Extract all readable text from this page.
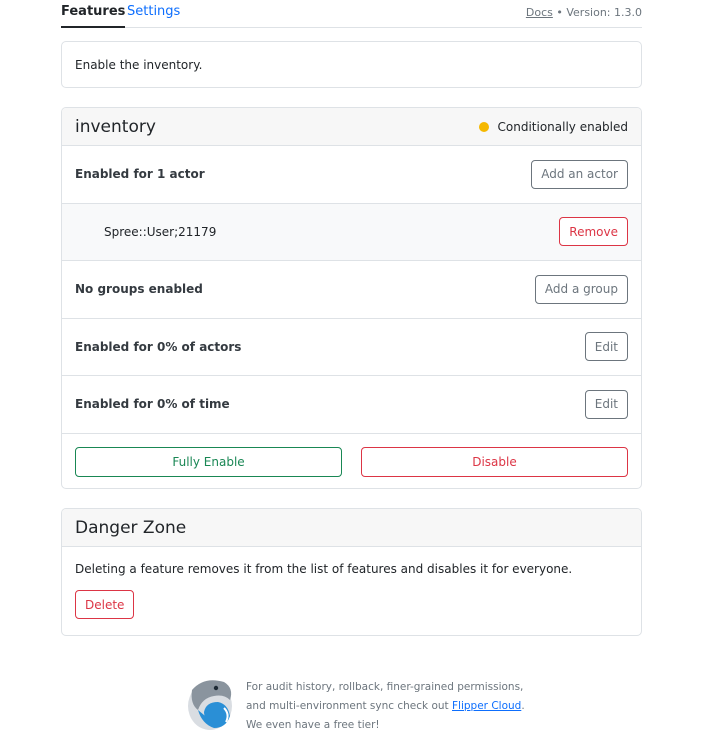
Features Settings	Docs • Version: 1.3.0
Enable the inventory.
inventory	Conditionally enabled
Enabled for 1 actor	Add an actor
Spree::User;21179	Remove
No groups enabled	Add a group
Enabled for 0% of actors	Edit
Enabled for 0% of time	Edit
Fully Enable	Disable
Danger Zone

Deleting a feature removes it from the list of features and disables it for everyone.

Delete
For audit history, rollback, finer-grained permissions,
and multi-environment sync check out Flipper Cloud.
We even have a free tier!
